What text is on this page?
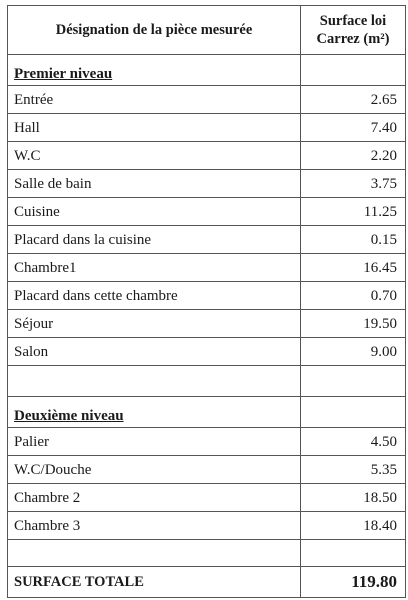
Désignation de la pièce mesurée	Surface loi Carrez (m²)
Premier niveau	
Entrée	2.65
Hall	7.40
W.C	2.20
Salle de bain	3.75
Cuisine	11.25
Placard dans la cuisine	0.15
Chambre1	16.45
Placard dans cette chambre	0.70
Séjour	19.50
Salon	9.00

Deuxième niveau	
Palier	4.50
W.C/Douche	5.35
Chambre 2	18.50
Chambre 3	18.40

SURFACE TOTALE	119.80
